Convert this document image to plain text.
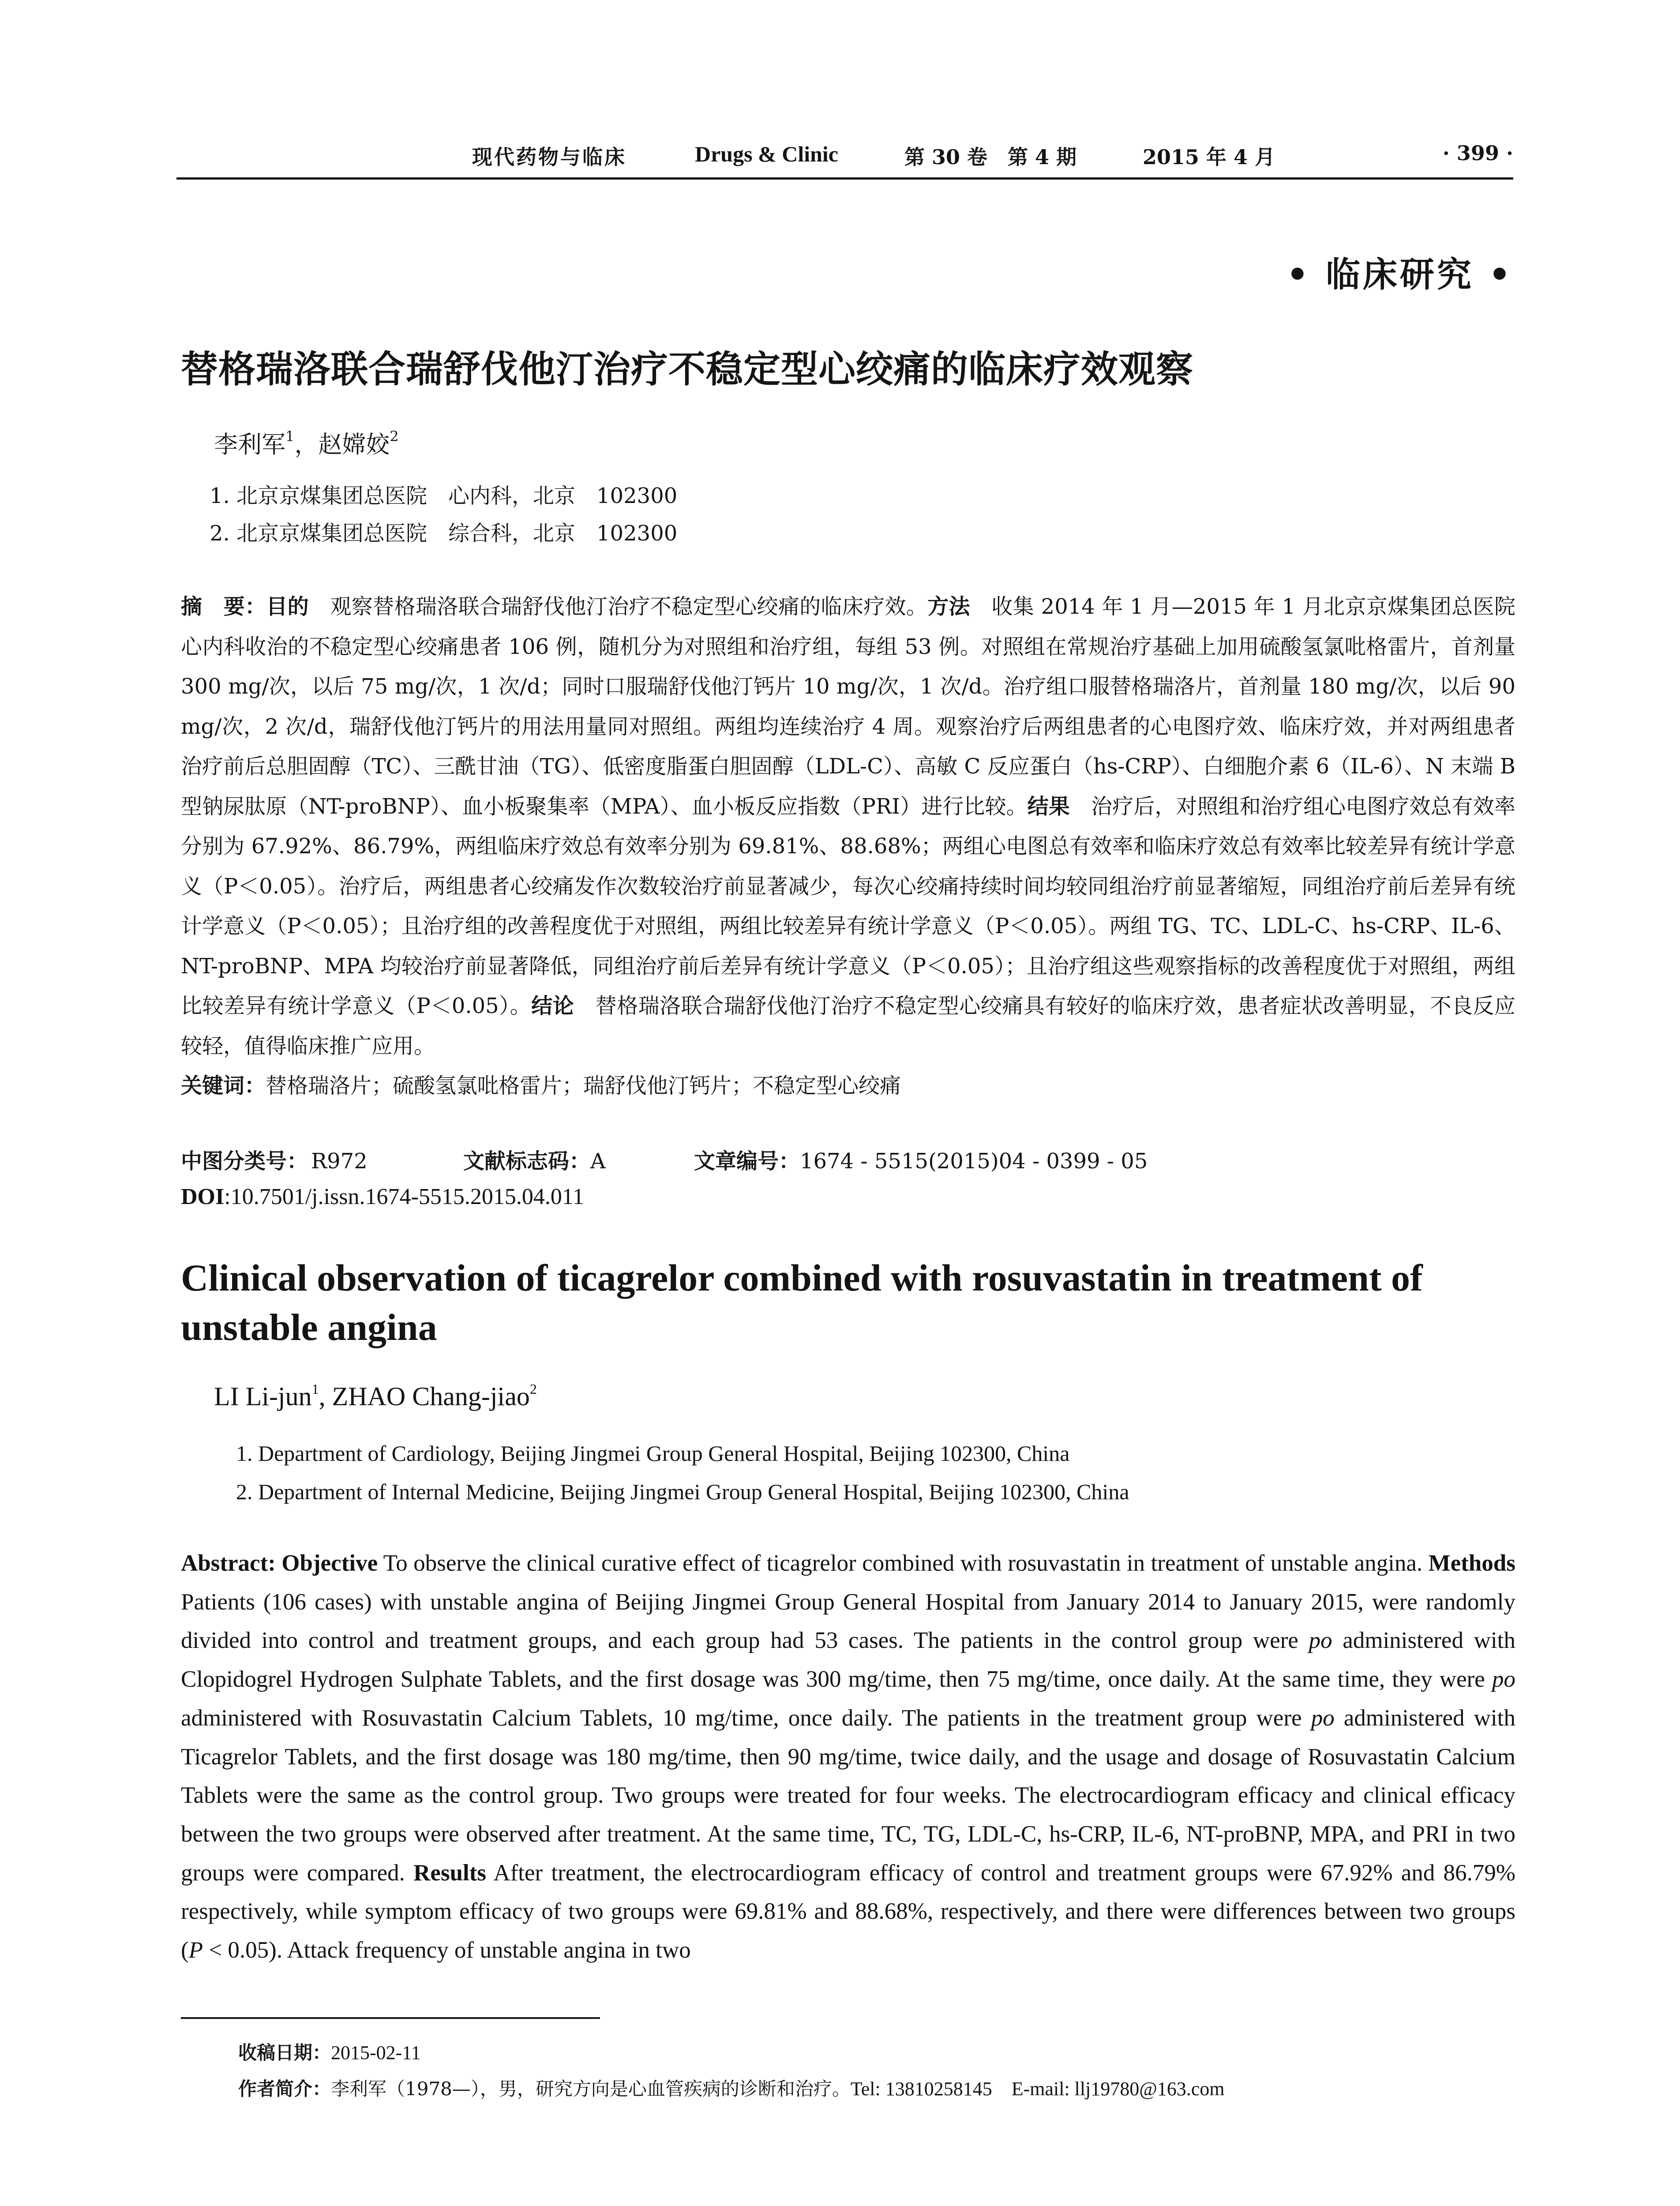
现代药物与临床	Drugs & Clinic	第 30 卷　第 4 期	2015 年 4 月	· 399 ·
• 临床研究 •
替格瑞洛联合瑞舒伐他汀治疗不稳定型心绞痛的临床疗效观察
李利军$^1$，赵嫦姣$^2$
1. 北京京煤集团总医院　心内科，北京　102300
2. 北京京煤集团总医院　综合科，北京　102300
摘　要：目的　观察替格瑞洛联合瑞舒伐他汀治疗不稳定型心绞痛的临床疗效。方法　收集 2014 年 1 月—2015 年 1 月北京京煤集团总医院心内科收治的不稳定型心绞痛患者 106 例，随机分为对照组和治疗组，每组 53 例。对照组在常规治疗基础上加用硫酸氢氯吡格雷片，首剂量 300 mg/次，以后 75 mg/次，1 次/d；同时口服瑞舒伐他汀钙片 10 mg/次，1 次/d。治疗组口服替格瑞洛片，首剂量 180 mg/次，以后 90 mg/次，2 次/d，瑞舒伐他汀钙片的用法用量同对照组。两组均连续治疗 4 周。观察治疗后两组患者的心电图疗效、临床疗效，并对两组患者治疗前后总胆固醇（TC）、三酰甘油（TG）、低密度脂蛋白胆固醇（LDL-C）、高敏 C 反应蛋白（hs-CRP）、白细胞介素 6（IL-6）、N 末端 B 型钠尿肽原（NT-proBNP）、血小板聚集率（MPA）、血小板反应指数（PRI）进行比较。结果　治疗后，对照组和治疗组心电图疗效总有效率分别为 67.92%、86.79%，两组临床疗效总有效率分别为 69.81%、88.68%；两组心电图总有效率和临床疗效总有效率比较差异有统计学意义（P＜0.05）。治疗后，两组患者心绞痛发作次数较治疗前显著减少，每次心绞痛持续时间均较同组治疗前显著缩短，同组治疗前后差异有统计学意义（P＜0.05）；且治疗组的改善程度优于对照组，两组比较差异有统计学意义（P＜0.05）。两组 TG、TC、LDL-C、hs-CRP、IL-6、NT-proBNP、MPA 均较治疗前显著降低，同组治疗前后差异有统计学意义（P＜0.05）；且治疗组这些观察指标的改善程度优于对照组，两组比较差异有统计学意义（P＜0.05）。结论　替格瑞洛联合瑞舒伐他汀治疗不稳定型心绞痛具有较好的临床疗效，患者症状改善明显，不良反应较轻，值得临床推广应用。
关键词：替格瑞洛片；硫酸氢氯吡格雷片；瑞舒伐他汀钙片；不稳定型心绞痛
中图分类号： R972	文献标志码：A	文章编号：1674 - 5515(2015)04 - 0399 - 05
DOI:10.7501/j.issn.1674-5515.2015.04.011
Clinical observation of ticagrelor combined with rosuvastatin in treatment of unstable angina
LI Li-jun$^1$, ZHAO Chang-jiao$^2$
1. Department of Cardiology, Beijing Jingmei Group General Hospital, Beijing 102300, China
2. Department of Internal Medicine, Beijing Jingmei Group General Hospital, Beijing 102300, China
Abstract: Objective To observe the clinical curative effect of ticagrelor combined with rosuvastatin in treatment of unstable angina. Methods Patients (106 cases) with unstable angina of Beijing Jingmei Group General Hospital from January 2014 to January 2015, were randomly divided into control and treatment groups, and each group had 53 cases. The patients in the control group were po administered with Clopidogrel Hydrogen Sulphate Tablets, and the first dosage was 300 mg/time, then 75 mg/time, once daily. At the same time, they were po administered with Rosuvastatin Calcium Tablets, 10 mg/time, once daily. The patients in the treatment group were po administered with Ticagrelor Tablets, and the first dosage was 180 mg/time, then 90 mg/time, twice daily, and the usage and dosage of Rosuvastatin Calcium Tablets were the same as the control group. Two groups were treated for four weeks. The electrocardiogram efficacy and clinical efficacy between the two groups were observed after treatment. At the same time, TC, TG, LDL-C, hs-CRP, IL-6, NT-proBNP, MPA, and PRI in two groups were compared. Results After treatment, the electrocardiogram efficacy of control and treatment groups were 67.92% and 86.79% respectively, while symptom efficacy of two groups were 69.81% and 88.68%, respectively, and there were differences between two groups (P < 0.05). Attack frequency of unstable angina in two
收稿日期：2015-02-11
作者简介：李利军（1978—），男，研究方向是心血管疾病的诊断和治疗。Tel: 13810258145　E-mail: llj19780@163.com
